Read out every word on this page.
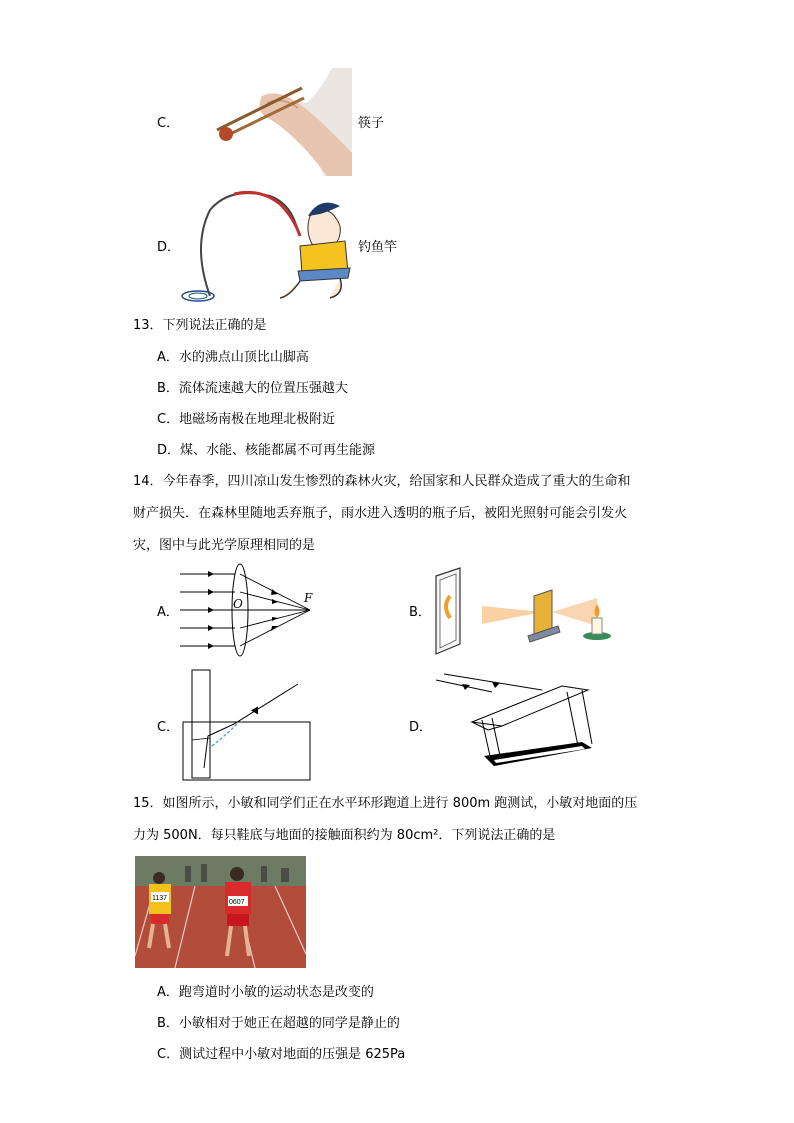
C．	筷子
D．	钓鱼竿
13．下列说法正确的是
A．水的沸点山顶比山脚高
B．流体流速越大的位置压强越大
C．地磁场南极在地理北极附近
D．煤、水能、核能都属不可再生能源
14．今年春季，四川凉山发生惨烈的森林火灾，给国家和人民群众造成了重大的生命和
财产损失．在森林里随地丢弃瓶子，雨水进入透明的瓶子后，被阳光照射可能会引发火
灾，图中与此光学原理相同的是
A．
O	F
B．
C．	D．
15．如图所示，小敏和同学们正在水平环形跑道上进行 800m 跑测试，小敏对地面的压
力为 500N．每只鞋底与地面的接触面积约为 80cm²．下列说法正确的是
1137
0607
A．跑弯道时小敏的运动状态是改变的
B．小敏相对于她正在超越的同学是静止的
C．测试过程中小敏对地面的压强是 625Pa
